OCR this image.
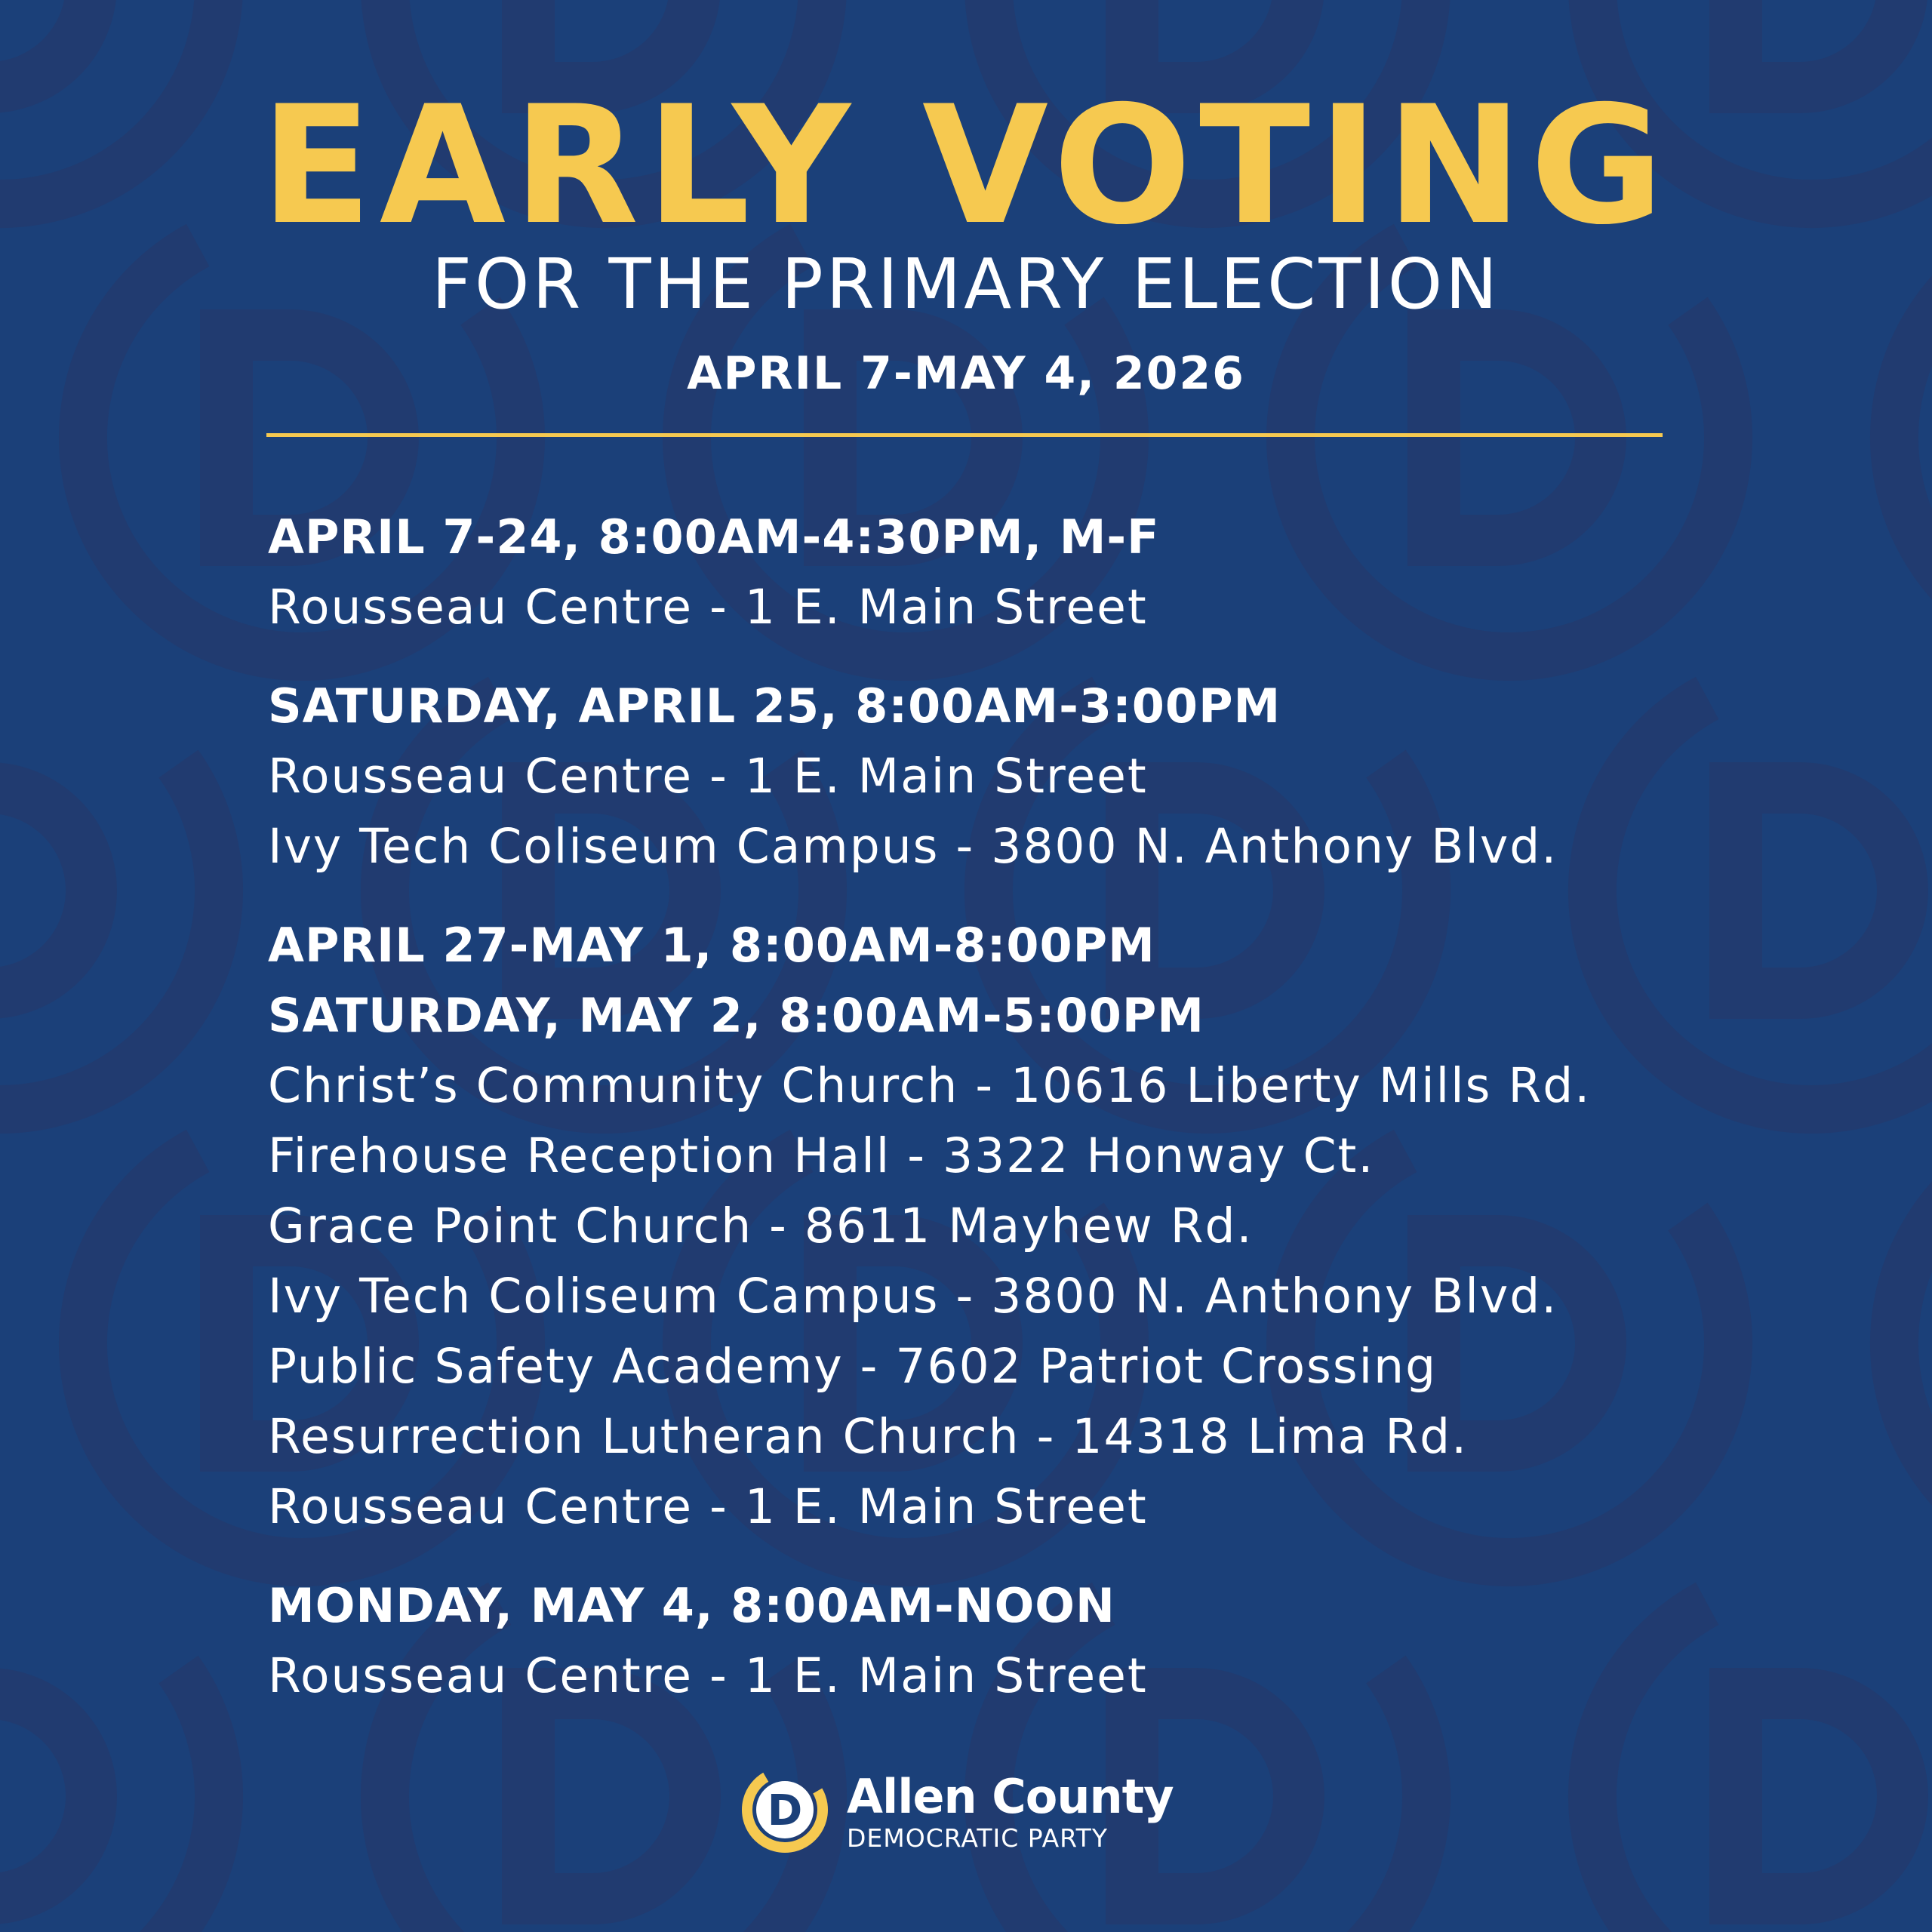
EARLY VOTING
FOR THE PRIMARY ELECTION
APRIL 7-MAY 4, 2026
APRIL 7-24, 8:00AM-4:30PM, M-F
Rousseau Centre - 1 E. Main Street
SATURDAY, APRIL 25, 8:00AM-3:00PM
Rousseau Centre - 1 E. Main Street
Ivy Tech Coliseum Campus - 3800 N. Anthony Blvd.
APRIL 27-MAY 1, 8:00AM-8:00PM
SATURDAY, MAY 2, 8:00AM-5:00PM
Christ’s Community Church - 10616 Liberty Mills Rd.
Firehouse Reception Hall - 3322 Honway Ct.
Grace Point Church - 8611 Mayhew Rd.
Ivy Tech Coliseum Campus - 3800 N. Anthony Blvd.
Public Safety Academy - 7602 Patriot Crossing
Resurrection Lutheran Church - 14318 Lima Rd.
Rousseau Centre - 1 E. Main Street
MONDAY, MAY 4, 8:00AM-NOON
Rousseau Centre - 1 E. Main Street
D Allen County
DEMOCRATIC PARTY
